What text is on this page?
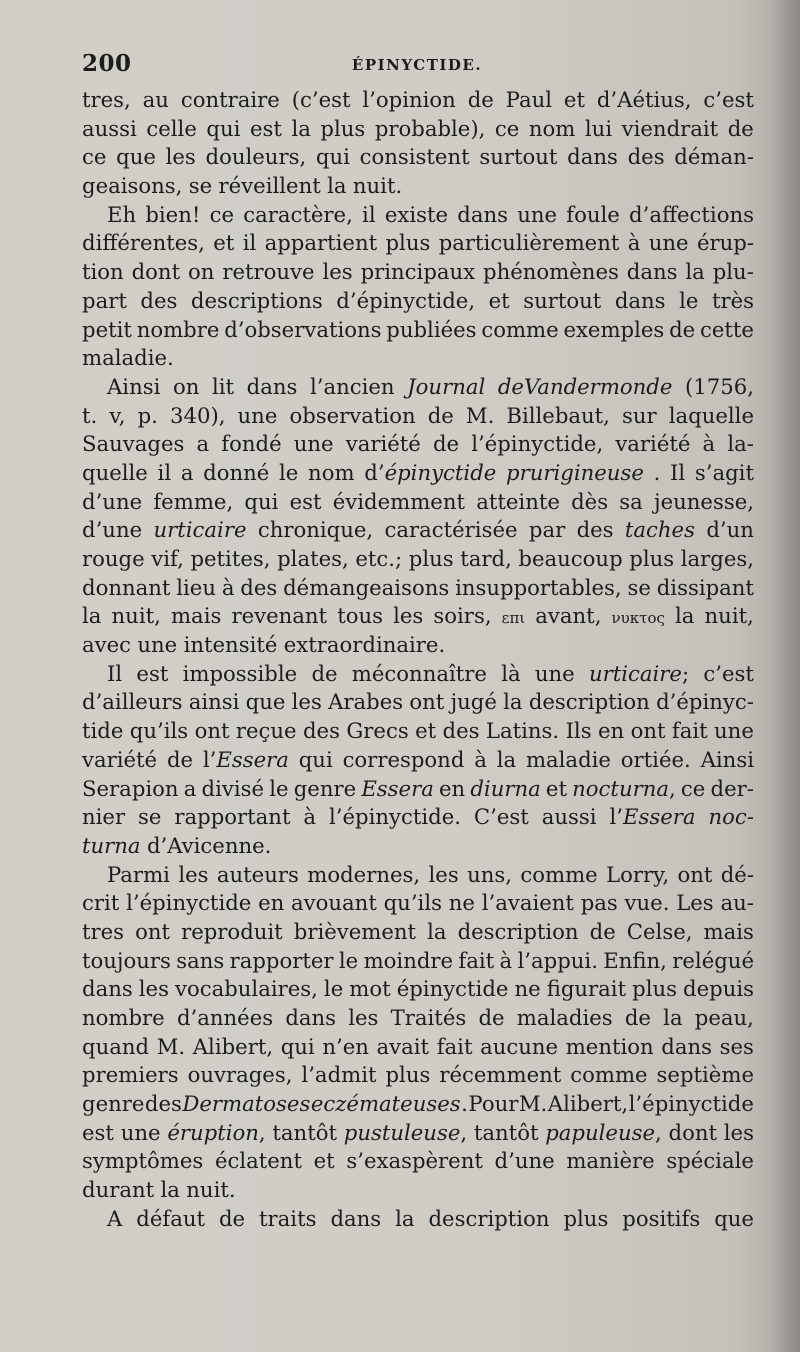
200	ÉPINYCTIDE.
tres, au contraire (c’est l’opinion de Paul et d’Aétius, c’est
aussi celle qui est la plus probable), ce nom lui viendrait de
ce que les douleurs, qui consistent surtout dans des déman-
geaisons, se réveillent la nuit.
Eh bien! ce caractère, il existe dans une foule d’affections
différentes, et il appartient plus particulièrement à une érup-
tion dont on retrouve les principaux phénomènes dans la plu-
part des descriptions d’épinyctide, et surtout dans le très
petit nombre d’observations publiées comme exemples de cette
maladie.
Ainsi on lit dans l’ancien Journal deVandermonde (1756,
t. v, p. 340), une observation de M. Billebaut, sur laquelle
Sauvages a fondé une variété de l’épinyctide, variété à la-
quelle il a donné le nom d’épinyctide prurigineuse . Il s’agit
d’une femme, qui est évidemment atteinte dès sa jeunesse,
d’une urticaire chronique, caractérisée par des taches d’un
rouge vif, petites, plates, etc.; plus tard, beaucoup plus larges,
donnant lieu à des démangeaisons insupportables, se dissipant
la nuit, mais revenant tous les soirs, επι avant, νυκτος la nuit,
avec une intensité extraordinaire.
Il est impossible de méconnaître là une urticaire; c’est
d’ailleurs ainsi que les Arabes ont jugé la description d’épinyc-
tide qu’ils ont reçue des Grecs et des Latins. Ils en ont fait une
variété de l’Essera qui correspond à la maladie ortiée. Ainsi
Serapion a divisé le genre Essera en diurna et nocturna, ce der-
nier se rapportant à l’épinyctide. C’est aussi l’Essera noc-
turna d’Avicenne.
Parmi les auteurs modernes, les uns, comme Lorry, ont dé-
crit l’épinyctide en avouant qu’ils ne l’avaient pas vue. Les au-
tres ont reproduit brièvement la description de Celse, mais
toujours sans rapporter le moindre fait à l’appui. Enfin, relégué
dans les vocabulaires, le mot épinyctide ne figurait plus depuis
nombre d’années dans les Traités de maladies de la peau,
quand M. Alibert, qui n’en avait fait aucune mention dans ses
premiers ouvrages, l’admit plus récemment comme septième
genre des Dermatoses eczémateuses . Pour M. Alibert, l’épinyctide
est une éruption, tantôt pustuleuse, tantôt papuleuse, dont les
symptômes éclatent et s’exaspèrent d’une manière spéciale
durant la nuit.
A défaut de traits dans la description plus positifs que
